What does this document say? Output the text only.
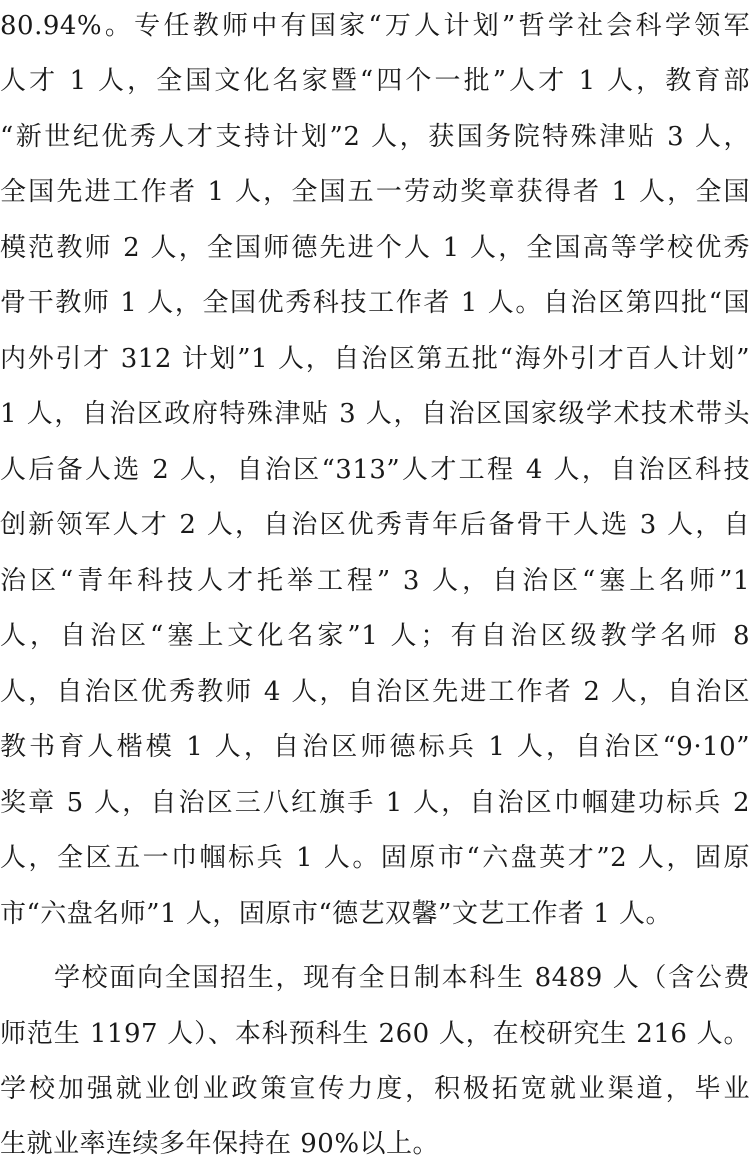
80.94%。专任教师中有国家“万人计划”哲学社会科学领军
人才 1 人，全国文化名家暨“四个一批”人才 1 人，教育部
“新世纪优秀人才支持计划”2 人，获国务院特殊津贴 3 人，
全国先进工作者 1 人，全国五一劳动奖章获得者 1 人，全国
模范教师 2 人，全国师德先进个人 1 人，全国高等学校优秀
骨干教师 1 人，全国优秀科技工作者 1 人。自治区第四批“国
内外引才 312 计划”1 人，自治区第五批“海外引才百人计划”
1 人，自治区政府特殊津贴 3 人，自治区国家级学术技术带头
人后备人选 2 人，自治区“313”人才工程 4 人，自治区科技
创新领军人才 2 人，自治区优秀青年后备骨干人选 3 人，自
治区“青年科技人才托举工程” 3 人，自治区“塞上名师”1
人，自治区“塞上文化名家”1 人；有自治区级教学名师 8
人，自治区优秀教师 4 人，自治区先进工作者 2 人，自治区
教书育人楷模 1 人，自治区师德标兵 1 人，自治区“9·10”
奖章 5 人，自治区三八红旗手 1 人，自治区巾帼建功标兵 2
人，全区五一巾帼标兵 1 人。固原市“六盘英才”2 人，固原
市“六盘名师”1 人，固原市“德艺双馨”文艺工作者 1 人。
学校面向全国招生，现有全日制本科生 8489 人（含公费
师范生 1197 人）、本科预科生 260 人，在校研究生 216 人。
学校加强就业创业政策宣传力度，积极拓宽就业渠道，毕业
生就业率连续多年保持在 90%以上。
